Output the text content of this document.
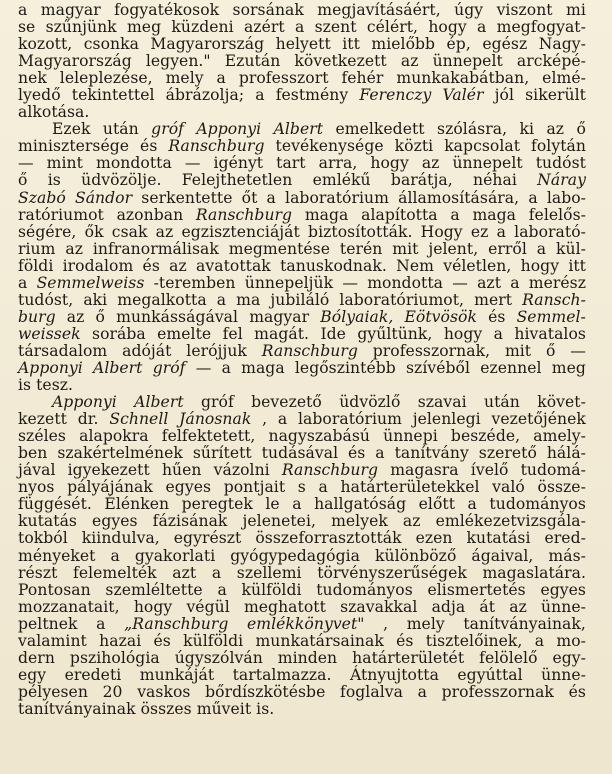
a magyar fogyatékosok sorsának megjavításáért, úgy viszont mi
se szűnjünk meg küzdeni azért a szent célért, hogy a megfogyat-
kozott, csonka Magyarország helyett itt mielőbb ép, egész Nagy-
Magyarország legyen." Ezután következett az ünnepelt arcképé-
nek leleplezése, mely a professzort fehér munkakabátban, elmé-
lyedő tekintettel ábrázolja; a festmény Ferenczy Valér jól sikerült
alkotása.
Ezek után gróf Apponyi Albert emelkedett szólásra, ki az ő
minisztersége és Ranschburg tevékenysége közti kapcsolat folytán
— mint mondotta — igényt tart arra, hogy az ünnepelt tudóst
ő is üdvözölje. Felejthetetlen emlékű barátja, néhai Náray
Szabó Sándor serkentette őt a laboratórium államosítására, a labo-
ratóriumot azonban Ranschburg maga alapította a maga felelős-
ségére, ők csak az egzisztenciáját biztosították. Hogy ez a laborató-
rium az infranormálisak megmentése terén mit jelent, erről a kül-
földi irodalom és az avatottak tanuskodnak. Nem véletlen, hogy itt
a Semmelweiss -teremben ünnepeljük — mondotta — azt a merész
tudóst, aki megalkotta a ma jubiláló laboratóriumot, mert Ransch-
burg az ő munkásságával magyar Bólyaiak, Eötvösök és Semmel-
weissek sorába emelte fel magát. Ide gyűltünk, hogy a hivatalos
társadalom adóját lerójjuk Ranschburg professzornak, mit ő —
Apponyi Albert gróf — a maga legőszintébb szívéből ezennel meg
is tesz.
Apponyi Albert gróf bevezető üdvözlő szavai után követ-
kezett dr. Schnell Jánosnak , a laboratórium jelenlegi vezetőjének
széles alapokra felfektetett, nagyszabású ünnepi beszéde, amely-
ben szakértelmének sűrített tudásával és a tanítvány szerető hálá-
jával igyekezett hűen vázolni Ranschburg magasra ívelő tudomá-
nyos pályájának egyes pontjait s a határterületekkel való össze-
függését. Élénken peregtek le a hallgatóság előtt a tudományos
kutatás egyes fázisának jelenetei, melyek az emlékezetvizsgála-
tokból kiindulva, egyrészt összeforrasztották ezen kutatási ered-
ményeket a gyakorlati gyógypedagógia különböző ágaival, más-
részt felemelték azt a szellemi törvényszerűségek magaslatára.
Pontosan szemléltette a külföldi tudományos elismertetés egyes
mozzanatait, hogy végül meghatott szavakkal adja át az ünne-
peltnek a „Ranschburg emlékkönyvet" , mely tanítványainak,
valamint hazai és külföldi munkatársainak és tisztelőinek, a mo-
dern pszihológia úgyszólván minden határterületét felölelő egy-
egy eredeti munkáját tartalmazza. Átnyujtotta egyúttal ünne-
pélyesen 20 vaskos bőrdíszkötésbe foglalva a professzornak és
tanítványainak összes műveit is.
